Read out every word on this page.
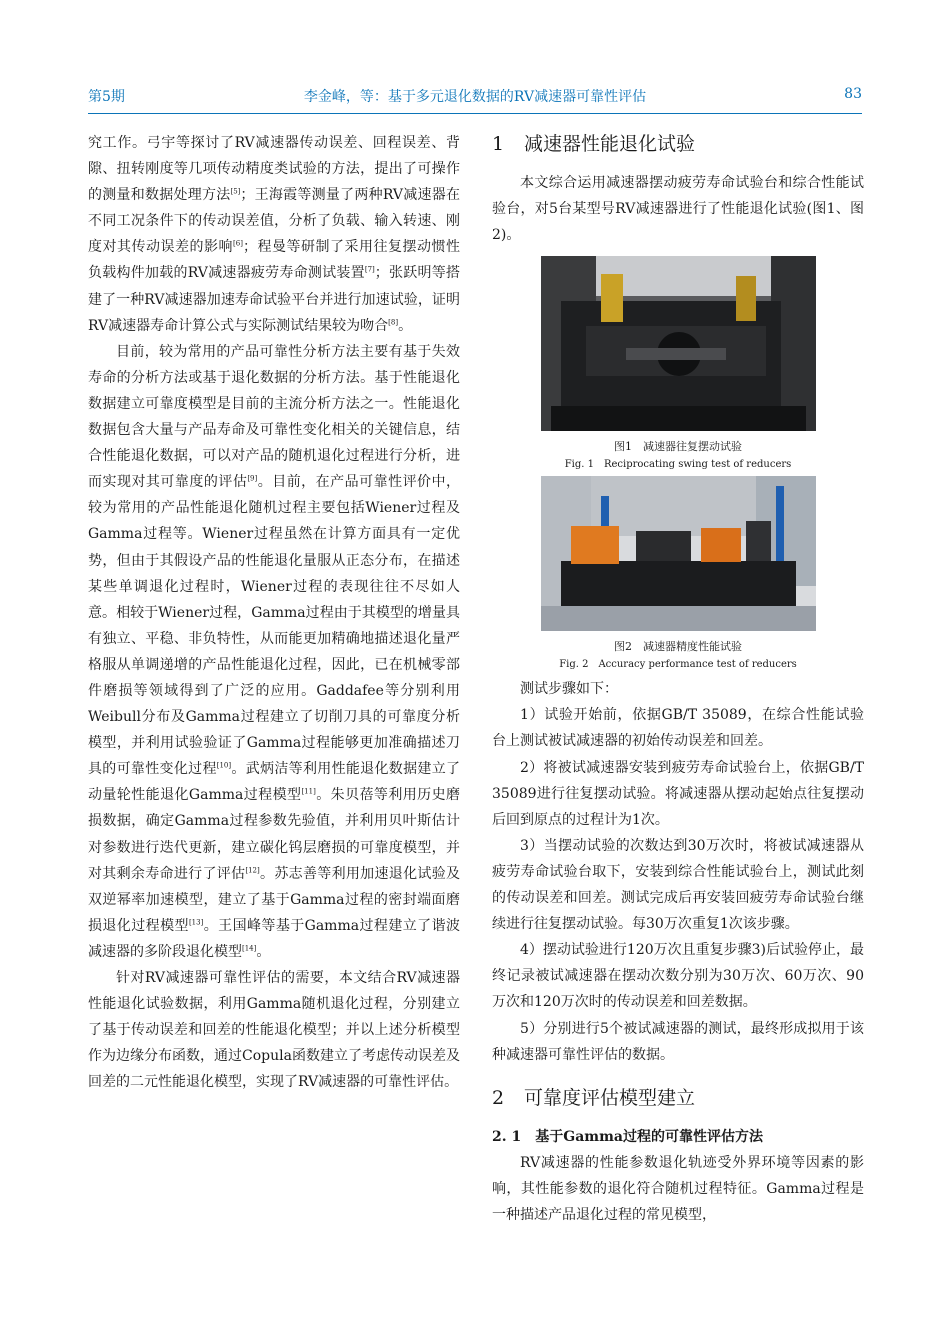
第5期	李金峰，等：基于多元退化数据的RV减速器可靠性评估	83

究工作。弓宇等探讨了RV减速器传动误差、回程误差、背隙、扭转刚度等几项传动精度类试验的方法，提出了可操作的测量和数据处理方法[5]；王海霞等测量了两种RV减速器在不同工况条件下的传动误差值，分析了负载、输入转速、刚度对其传动误差的影响[6]；程曼等研制了采用往复摆动惯性负载构件加载的RV减速器疲劳寿命测试装置[7]；张跃明等搭建了一种RV减速器加速寿命试验平台并进行加速试验，证明RV减速器寿命计算公式与实际测试结果较为吻合[8]。

目前，较为常用的产品可靠性分析方法主要有基于失效寿命的分析方法或基于退化数据的分析方法。基于性能退化数据建立可靠度模型是目前的主流分析方法之一。性能退化数据包含大量与产品寿命及可靠性变化相关的关键信息，结合性能退化数据，可以对产品的随机退化过程进行分析，进而实现对其可靠度的评估[9]。目前，在产品可靠性评价中，较为常用的产品性能退化随机过程主要包括Wiener过程及Gamma过程等。Wiener过程虽然在计算方面具有一定优势，但由于其假设产品的性能退化量服从正态分布，在描述某些单调退化过程时，Wiener过程的表现往往不尽如人意。相较于Wiener过程，Gamma过程由于其模型的增量具有独立、平稳、非负特性，从而能更加精确地描述退化量严格服从单调递增的产品性能退化过程，因此，已在机械零部件磨损等领域得到了广泛的应用。Gaddafee等分别利用Weibull分布及Gamma过程建立了切削刀具的可靠度分析模型，并利用试验验证了Gamma过程能够更加准确描述刀具的可靠性变化过程[10]。武炳洁等利用性能退化数据建立了动量轮性能退化Gamma过程模型[11]。朱贝蓓等利用历史磨损数据，确定Gamma过程参数先验值，并利用贝叶斯估计对参数进行迭代更新，建立碳化钨层磨损的可靠度模型，并对其剩余寿命进行了评估[12]。苏志善等利用加速退化试验及双逆幂率加速模型，建立了基于Gamma过程的密封端面磨损退化过程模型[13]。王国峰等基于Gamma过程建立了谐波减速器的多阶段退化模型[14]。

针对RV减速器可靠性评估的需要，本文结合RV减速器性能退化试验数据，利用Gamma随机退化过程，分别建立了基于传动误差和回差的性能退化模型；并以上述分析模型作为边缘分布函数，通过Copula函数建立了考虑传动误差及回差的二元性能退化模型，实现了RV减速器的可靠性评估。

1 减速器性能退化试验

本文综合运用减速器摆动疲劳寿命试验台和综合性能试验台，对5台某型号RV减速器进行了性能退化试验(图1、图2)。

图1　减速器往复摆动试验
Fig. 1　Reciprocating swing test of reducers
图2　减速器精度性能试验
Fig. 2　Accuracy performance test of reducers

测试步骤如下：

1）试验开始前，依据GB/T 35089，在综合性能试验台上测试被试减速器的初始传动误差和回差。

2）将被试减速器安装到疲劳寿命试验台上，依据GB/T 35089进行往复摆动试验。将减速器从摆动起始点往复摆动后回到原点的过程计为1次。

3）当摆动试验的次数达到30万次时，将被试减速器从疲劳寿命试验台取下，安装到综合性能试验台上，测试此刻的传动误差和回差。测试完成后再安装回疲劳寿命试验台继续进行往复摆动试验。每30万次重复1次该步骤。

4）摆动试验进行120万次且重复步骤3)后试验停止，最终记录被试减速器在摆动次数分别为30万次、60万次、90万次和120万次时的传动误差和回差数据。

5）分别进行5个被试减速器的测试，最终形成拟用于该种减速器可靠性评估的数据。

2 可靠度评估模型建立
2. 1　 基于Gamma过程的可靠性评估方法

RV减速器的性能参数退化轨迹受外界环境等因素的影响，其性能参数的退化符合随机过程特征。Gamma过程是一种描述产品退化过程的常见模型，
